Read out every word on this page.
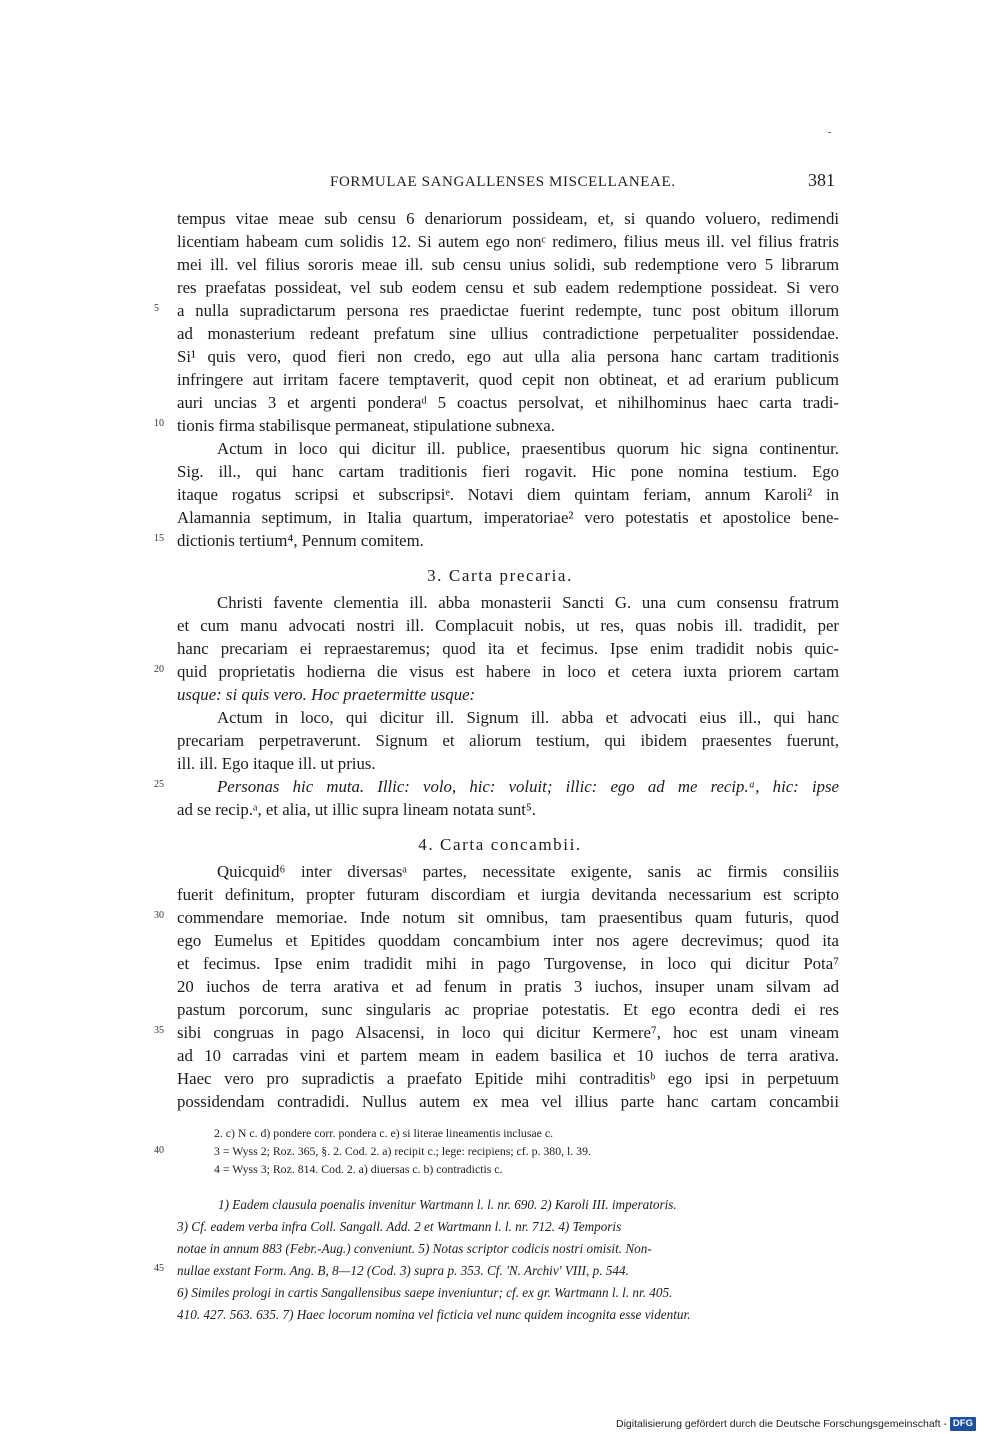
FORMULAE SANGALLENSES MISCELLANEAE.	381
tempus vitae meae sub censu 6 denariorum possideam, et, si quando voluero, redimendi
licentiam habeam cum solidis 12. Si autem ego nonᶜ redimero, filius meus ill. vel filius fratris
mei ill. vel filius sororis meae ill. sub censu unius solidi, sub redemptione vero 5 librarum
res praefatas possideat, vel sub eodem censu et sub eadem redemptione possideat. Si vero
a nulla supradictarum persona res praedictae fuerint redempte, tunc post obitum illorum
ad monasterium redeant prefatum sine ullius contradictione perpetualiter possidendae.
Si¹ quis vero, quod fieri non credo, ego aut ulla alia persona hanc cartam traditionis
infringere aut irritam facere temptaverit, quod cepit non obtineat, et ad erarium publicum
auri uncias 3 et argenti ponderaᵈ 5 coactus persolvat, et nihilhominus haec carta tradi-
tionis firma stabilisque permaneat, stipulatione subnexa.
Actum in loco qui dicitur ill. publice, praesentibus quorum hic signa continentur.
Sig. ill., qui hanc cartam traditionis fieri rogavit. Hic pone nomina testium. Ego
itaque rogatus scripsi et subscripsiᵉ. Notavi diem quintam feriam, annum Karoli² in
Alamannia septimum, in Italia quartum, imperatoriae² vero potestatis et apostolice bene-
dictionis tertium⁴, Pennum comitem.
3. Carta precaria.
Christi favente clementia ill. abba monasterii Sancti G. una cum consensu fratrum
et cum manu advocati nostri ill. Complacuit nobis, ut res, quas nobis ill. tradidit, per
hanc precariam ei repraestaremus; quod ita et fecimus. Ipse enim tradidit nobis quic-
quid proprietatis hodierna die visus est habere in loco et cetera iuxta priorem cartam
usque: si quis vero. Hoc praetermitte usque:
Actum in loco, qui dicitur ill. Signum ill. abba et advocati eius ill., qui hanc
precariam perpetraverunt. Signum et aliorum testium, qui ibidem praesentes fuerunt,
ill. ill. Ego itaque ill. ut prius.
Personas hic muta. Illic: volo, hic: voluit; illic: ego ad me recip.ᵃ, hic: ipse
ad se recip.ᵃ, et alia, ut illic supra lineam notata sunt⁵.
4. Carta concambii.
Quicquid⁶ inter diversasᵃ partes, necessitate exigente, sanis ac firmis consiliis
fuerit definitum, propter futuram discordiam et iurgia devitanda necessarium est scripto
commendare memoriae. Inde notum sit omnibus, tam praesentibus quam futuris, quod
ego Eumelus et Epitides quoddam concambium inter nos agere decrevimus; quod ita
et fecimus. Ipse enim tradidit mihi in pago Turgovense, in loco qui dicitur Pota⁷
20 iuchos de terra arativa et ad fenum in pratis 3 iuchos, insuper unam silvam ad
pastum porcorum, sunc singularis ac propriae potestatis. Et ego econtra dedi ei res
sibi congruas in pago Alsacensi, in loco qui dicitur Kermere⁷, hoc est unam vineam
ad 10 carradas vini et partem meam in eadem basilica et 10 iuchos de terra arativa.
Haec vero pro supradictis a praefato Epitide mihi contraditisᵇ ego ipsi in perpetuum
possidendam contradidi. Nullus autem ex mea vel illius parte hanc cartam concambii
5
10
15
20
25
30
35
40
45
2. c) N c. d) pondere corr. pondera c. e) si literae lineamentis inclusae c.
3 = Wyss 2; Roz. 365, §. 2. Cod. 2. a) recipit c.; lege: recipiens; cf. p. 380, l. 39.
4 = Wyss 3; Roz. 814. Cod. 2. a) diuersas c. b) contradictis c.
1) Eadem clausula poenalis invenitur Wartmann l. l. nr. 690. 2) Karoli III. imperatoris.
3) Cf. eadem verba infra Coll. Sangall. Add. 2 et Wartmann l. l. nr. 712. 4) Temporis
notae in annum 883 (Febr.-Aug.) conveniunt. 5) Notas scriptor codicis nostri omisit. Non-
nullae exstant Form. Ang. B, 8—12 (Cod. 3) supra p. 353. Cf. 'N. Archiv' VIII, p. 544.
6) Similes prologi in cartis Sangallensibus saepe inveniuntur; cf. ex gr. Wartmann l. l. nr. 405.
410. 427. 563. 635. 7) Haec locorum nomina vel ficticia vel nunc quidem incognita esse videntur.
Digitalisierung gefördert durch die Deutsche Forschungsgemeinschaft - DFG
